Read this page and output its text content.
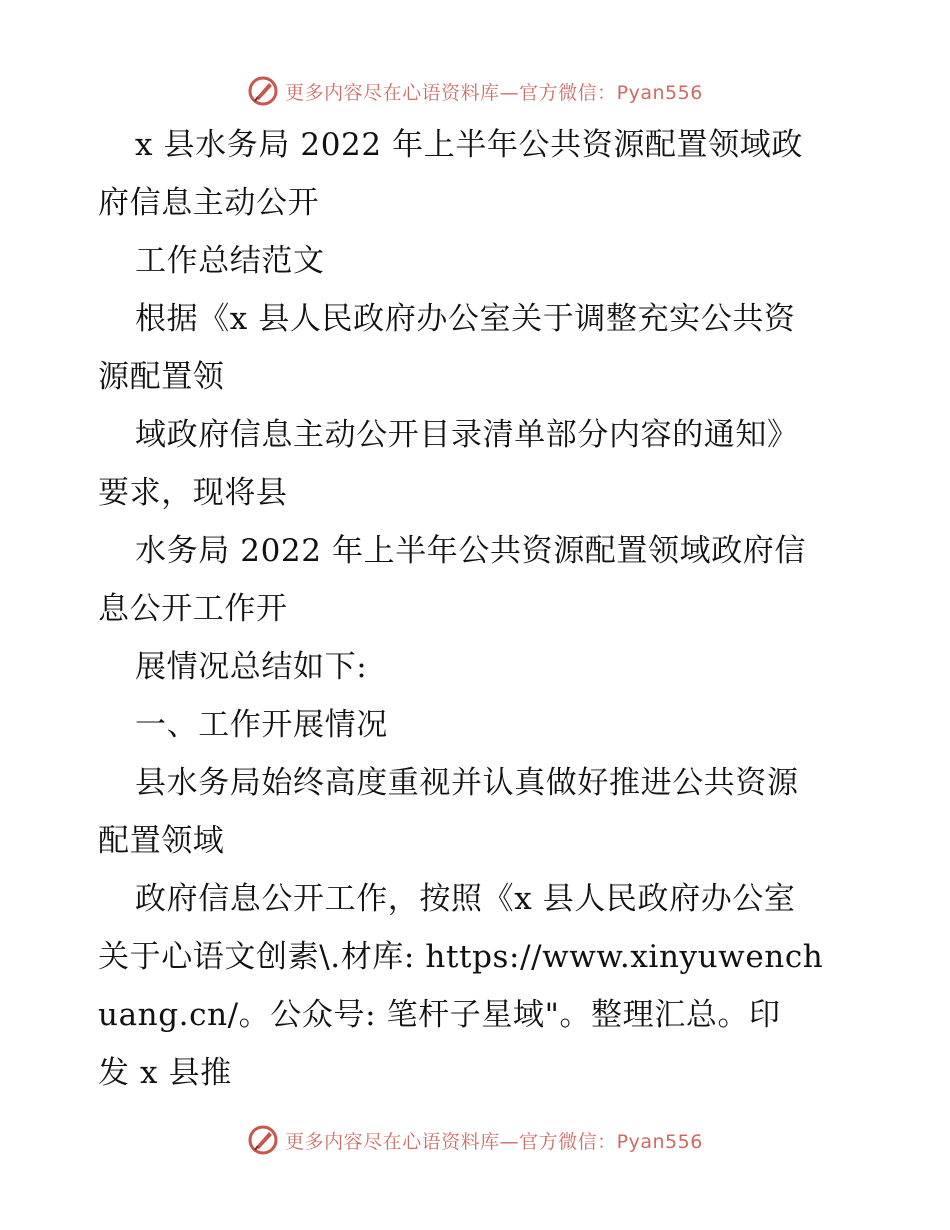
更多内容尽在心语资料库—官方微信：Pyan556
x 县水务局 2022 年上半年公共资源配置领域政
府信息主动公开
工作总结范文
根据《x 县人民政府办公室关于调整充实公共资
源配置领
域政府信息主动公开目录清单部分内容的通知》
要求，现将县
水务局 2022 年上半年公共资源配置领域政府信
息公开工作开
展情况总结如下:
一、工作开展情况
县水务局始终高度重视并认真做好推进公共资源
配置领域
政府信息公开工作，按照《x 县人民政府办公室
关于心语文创素\.材库: https://www.xinyuwench
uang.cn/。公众号: 笔杆子星域"。整理汇总。印
发 x 县推
更多内容尽在心语资料库—官方微信：Pyan556
